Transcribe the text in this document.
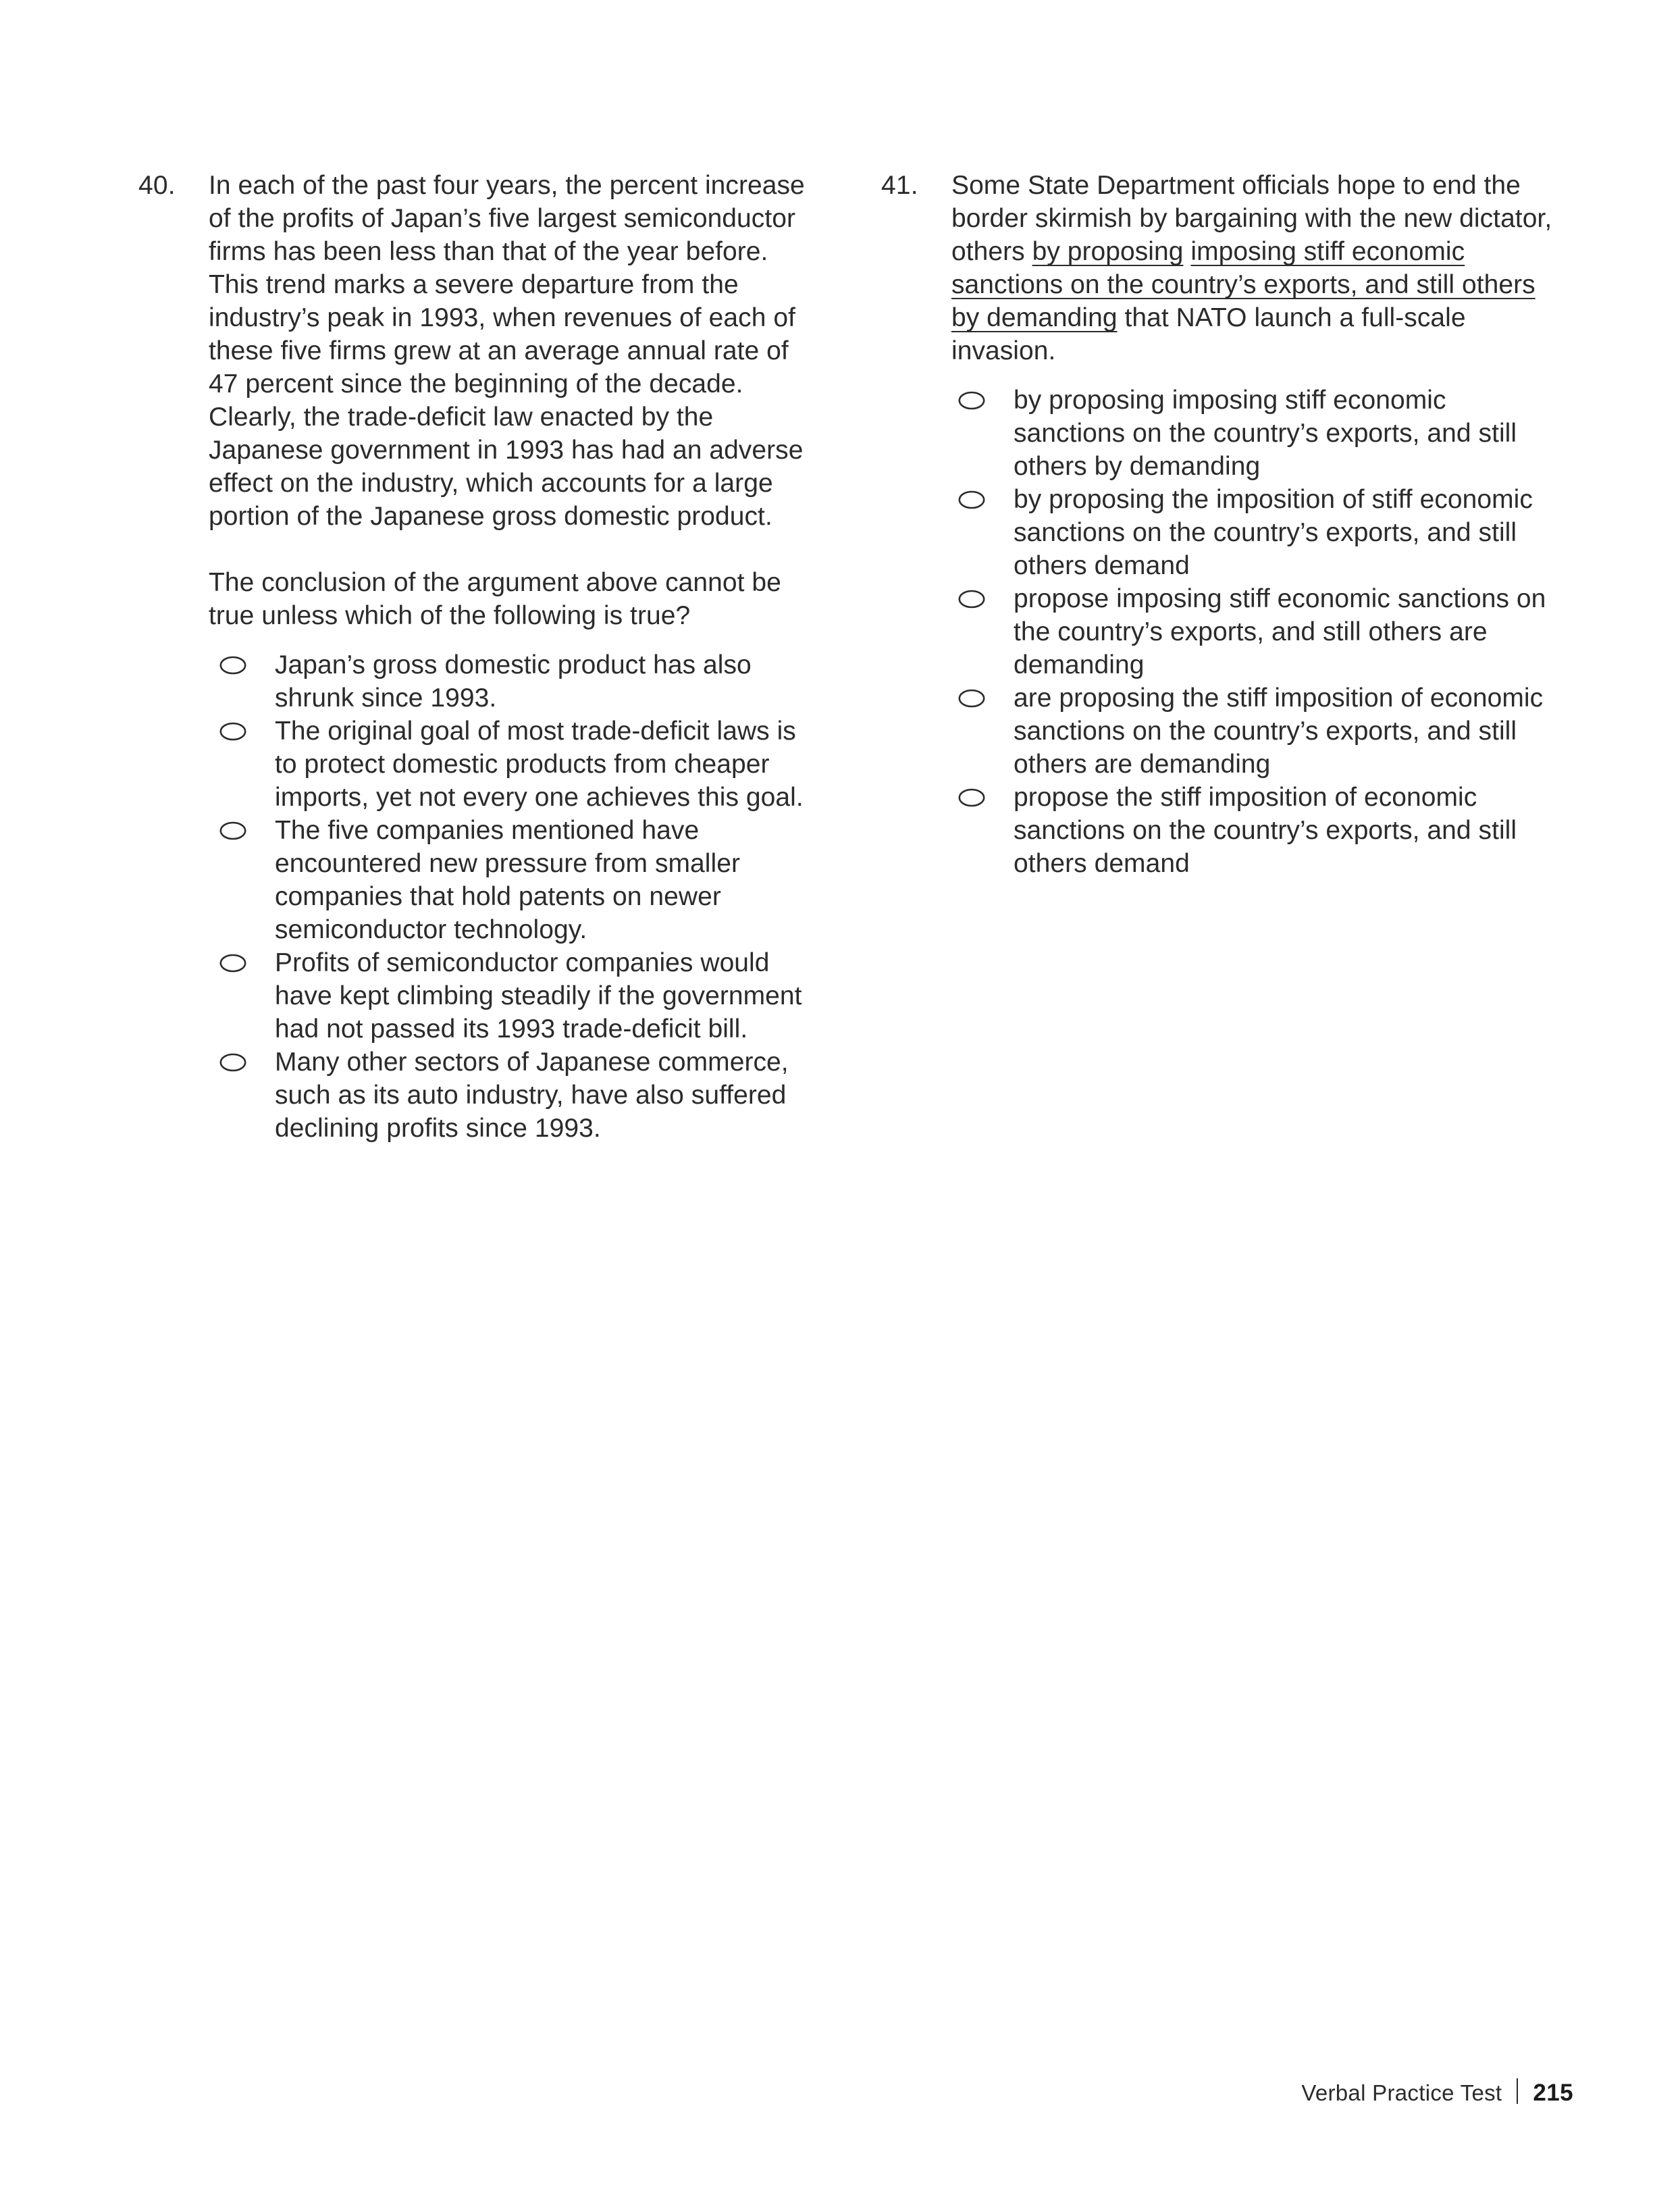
40.	In each of the past four years, the percent increase of the profits of Japan’s five largest semiconductor firms has been less than that of the year before. This trend marks a severe departure from the industry’s peak in 1993, when revenues of each of these five firms grew at an average annual rate of 47 percent since the beginning of the decade. Clearly, the trade-deficit law enacted by the Japanese government in 1993 has had an adverse effect on the industry, which accounts for a large portion of the Japanese gross domestic product.
The conclusion of the argument above cannot be true unless which of the following is true?
Japan’s gross domestic product has also shrunk since 1993.
The original goal of most trade-deficit laws is to protect domestic products from cheaper imports, yet not every one achieves this goal.
The five companies mentioned have encountered new pressure from smaller companies that hold patents on newer semiconductor technology.
Profits of semiconductor companies would have kept climbing steadily if the government had not passed its 1993 trade-deficit bill.
Many other sectors of Japanese commerce, such as its auto industry, have also suffered declining profits since 1993.
41.	Some State Department officials hope to end the border skirmish by bargaining with the new dictator, others by proposing imposing stiff economic sanctions on the country’s exports, and still others by demanding that NATO launch a full-scale invasion.
by proposing imposing stiff economic sanctions on the country’s exports, and still others by demanding
by proposing the imposition of stiff economic sanctions on the country’s exports, and still others demand
propose imposing stiff economic sanctions on the country’s exports, and still others are demanding
are proposing the stiff imposition of economic sanctions on the country’s exports, and still others are demanding
propose the stiff imposition of economic sanctions on the country’s exports, and still others demand
Verbal Practice Test 215
